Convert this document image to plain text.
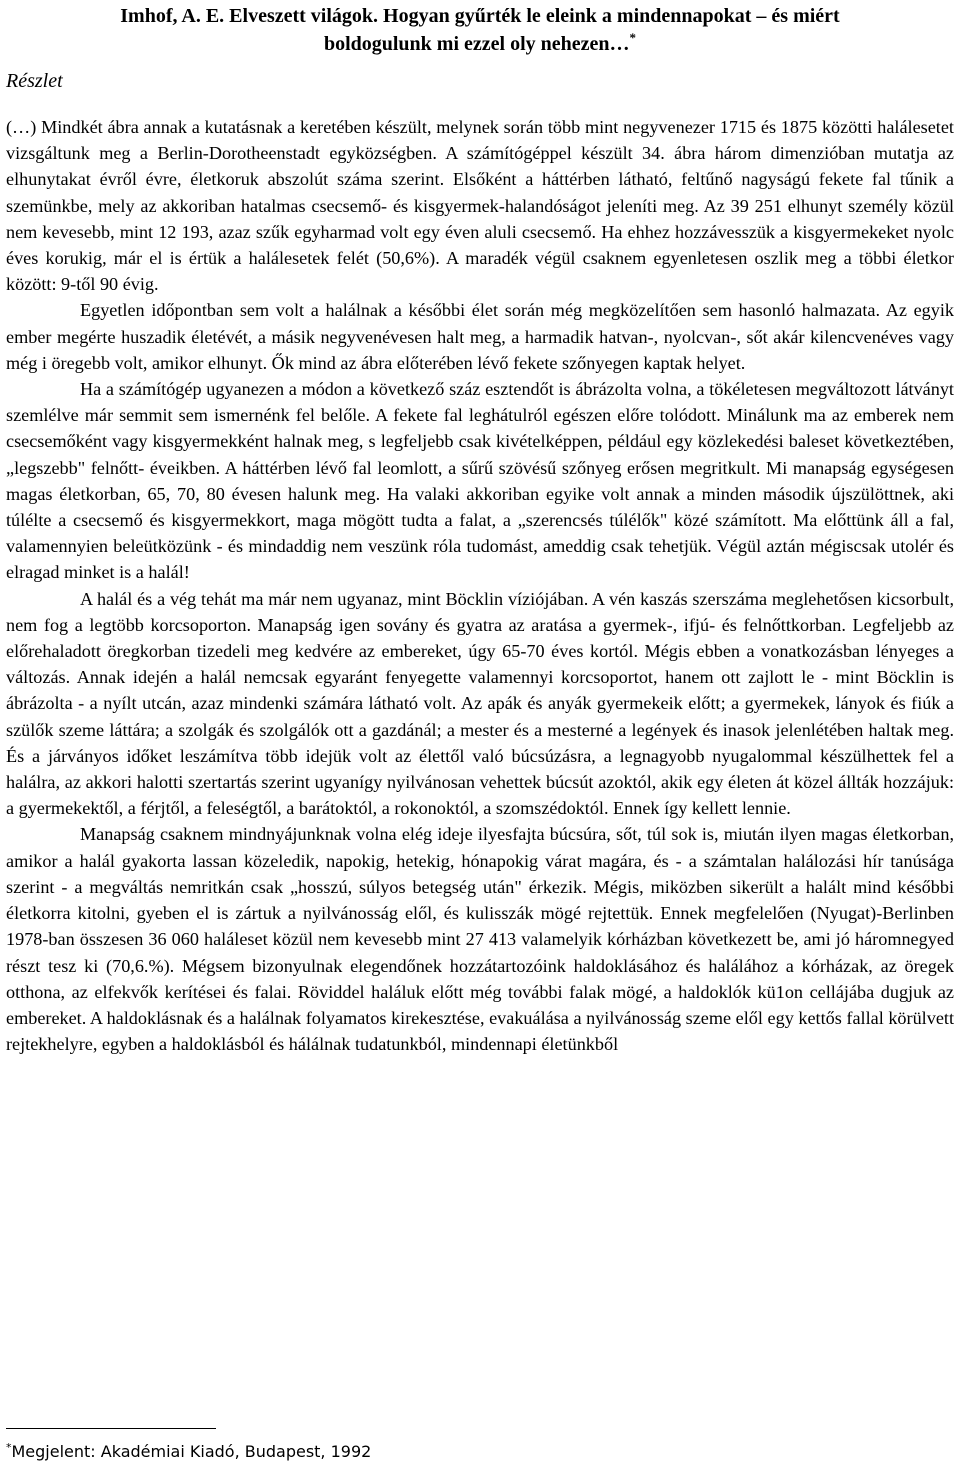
Imhof, A. E. Elveszett világok. Hogyan gyűrték le eleink a mindennapokat – és miért
boldogulunk mi ezzel oly nehezen…*
Részlet

(…) Mindkét ábra annak a kutatásnak a keretében készült, melynek során több mint negyvenezer 1715 és 1875 közötti halálesetet vizsgáltunk meg a Berlin-Dorotheenstadt egyközségben. A számítógéppel készült 34. ábra három dimenzióban mutatja az elhunytakat évről évre, életkoruk abszolút száma szerint. Elsőként a háttérben látható, feltűnő nagyságú fekete fal tűnik a szemünkbe, mely az akkoriban hatalmas csecsemő- és kisgyermek-halandóságot jeleníti meg. Az 39 251 elhunyt személy közül nem kevesebb, mint 12 193, azaz szűk egyharmad volt egy éven aluli csecsemő. Ha ehhez hozzávesszük a kisgyermekeket nyolc éves korukig, már el is értük a halálesetek felét (50,6%). A maradék végül csaknem egyenletesen oszlik meg a többi életkor között: 9-től 90 évig.

Egyetlen időpontban sem volt a halálnak a későbbi élet során még megközelítően sem hasonló halmazata. Az egyik ember megérte huszadik életévét, a másik negyvenévesen halt meg, a harmadik hatvan-, nyolcvan-, sőt akár kilencvenéves vagy még i öregebb volt, amikor elhunyt. Ők mind az ábra előterében lévő fekete szőnyegen kaptak helyet.

Ha a számítógép ugyanezen a módon a következő száz esztendőt is ábrázolta volna, a tökéletesen megváltozott látványt szemlélve már semmit sem ismernénk fel belőle. A fekete fal leghátulról egészen előre tolódott. Minálunk ma az emberek nem csecsemőként vagy kisgyermekként halnak meg, s legfeljebb csak kivételképpen, például egy közlekedési baleset következtében, „legszebb" felnőtt- éveikben. A háttérben lévő fal leomlott, a sűrű szövésű szőnyeg erősen megritkult. Mi manapság egységesen magas életkorban, 65, 70, 80 évesen halunk meg. Ha valaki akkoriban egyike volt annak a minden második újszülöttnek, aki túlélte a csecsemő és kisgyermekkort, maga mögött tudta a falat, a „szerencsés túlélők" közé számított. Ma előttünk áll a fal, valamennyien beleütközünk - és mindaddig nem veszünk róla tudomást, ameddig csak tehetjük. Végül aztán mégiscsak utolér és elragad minket is a halál!

A halál és a vég tehát ma már nem ugyanaz, mint Böcklin víziójában. A vén kaszás szerszáma meglehetősen kicsorbult, nem fog a legtöbb korcsoporton. Manapság igen sovány és gyatra az aratása a gyermek-, ifjú- és felnőttkorban. Legfeljebb az előrehaladott öregkorban tizedeli meg kedvére az embereket, úgy 65-70 éves kortól. Mégis ebben a vonatkozásban lényeges a változás. Annak idején a halál nemcsak egyaránt fenyegette valamennyi korcsoportot, hanem ott zajlott le - mint Böcklin is ábrázolta - a nyílt utcán, azaz mindenki számára látható volt. Az apák és anyák gyermekeik előtt; a gyermekek, lányok és fiúk a szülők szeme láttára; a szolgák és szolgálók ott a gazdánál; a mester és a mesterné a legények és inasok jelenlétében haltak meg. És a járványos időket leszámítva több idejük volt az élettől való búcsúzásra, a legnagyobb nyugalommal készülhettek fel a halálra, az akkori halotti szertartás szerint ugyanígy nyilvánosan vehettek búcsút azoktól, akik egy életen át közel állták hozzájuk: a gyermekektől, a férjtől, a feleségtől, a barátoktól, a rokonoktól, a szomszédoktól. Ennek így kellett lennie.

Manapság csaknem mindnyájunknak volna elég ideje ilyesfajta búcsúra, sőt, túl sok is, miután ilyen magas életkorban, amikor a halál gyakorta lassan közeledik, napokig, hetekig, hónapokig várat magára, és - a számtalan halálozási hír tanúsága szerint - a megváltás nemritkán csak „hosszú, súlyos betegség után" érkezik. Mégis, miközben sikerült a halált mind későbbi életkorra kitolni, gyeben el is zártuk a nyilvánosság elől, és kulisszák mögé rejtettük. Ennek megfelelően (Nyugat)-Berlinben 1978-ban összesen 36 060 haláleset közül nem kevesebb mint 27 413 valamelyik kórházban következett be, ami jó háromnegyed részt tesz ki (70,6.%). Mégsem bizonyulnak elegendőnek hozzátartozóink haldoklásához és halálához a kórházak, az öregek otthona, az elfekvők kerítései és falai. Röviddel haláluk előtt még további falak mögé, a haldoklók kü1on cellájába dugjuk az embereket. A haldoklásnak és a halálnak folyamatos kirekesztése, evakuálása a nyilvánosság szeme elől egy kettős fallal körülvett rejtekhelyre, egyben a haldoklásból és hálálnak tudatunkból, mindennapi életünkből

*Megjelent: Akadémiai Kiadó, Budapest, 1992
